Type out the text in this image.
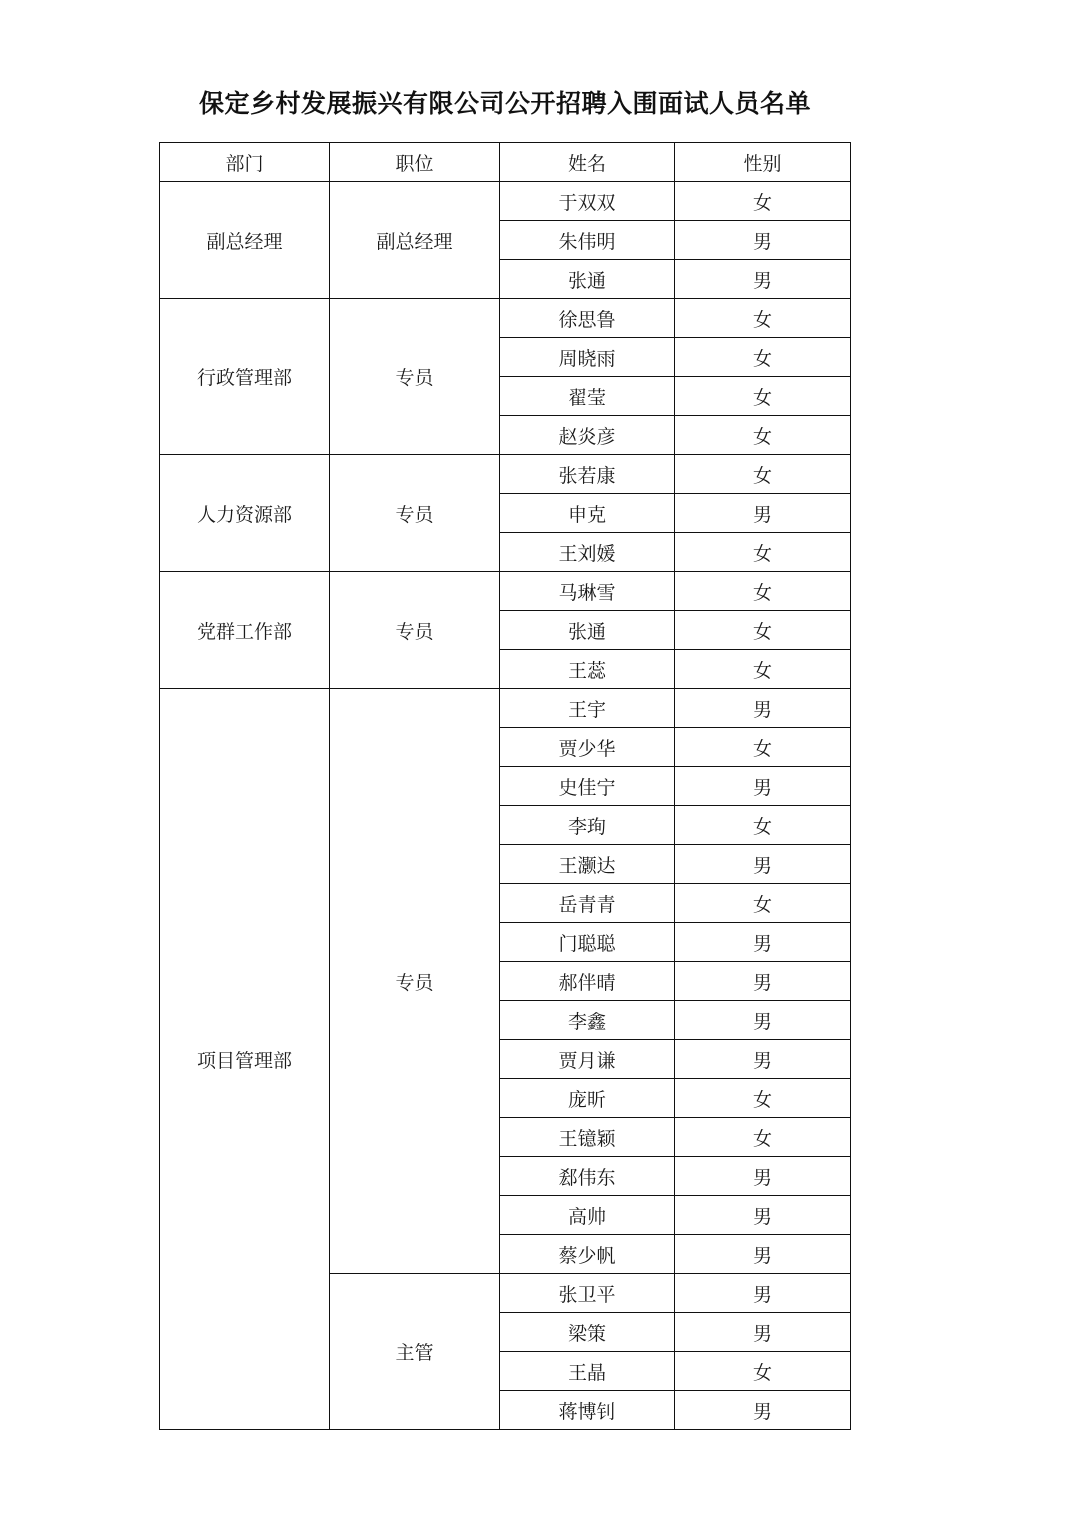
保定乡村发展振兴有限公司公开招聘入围面试人员名单
部门	职位	姓名	性别
副总经理	副总经理	于双双	女
		朱伟明	男
		张通	男
行政管理部	专员	徐思鲁	女
		周晓雨	女
		翟莹	女
		赵炎彦	女
人力资源部	专员	张若康	女
		申克	男
		王刘媛	女
党群工作部	专员	马琳雪	女
		张通	女
		王蕊	女
项目管理部	专员	王宇	男
		贾少华	女
		史佳宁	男
		李珣	女
		王灏达	男
		岳青青	女
		门聪聪	男
		郝伴晴	男
		李鑫	男
		贾月谦	男
		庞昕	女
		王镱颖	女
		郄伟东	男
		高帅	男
		蔡少帆	男
	主管	张卫平	男
		梁策	男
		王晶	女
		蒋博钊	男
